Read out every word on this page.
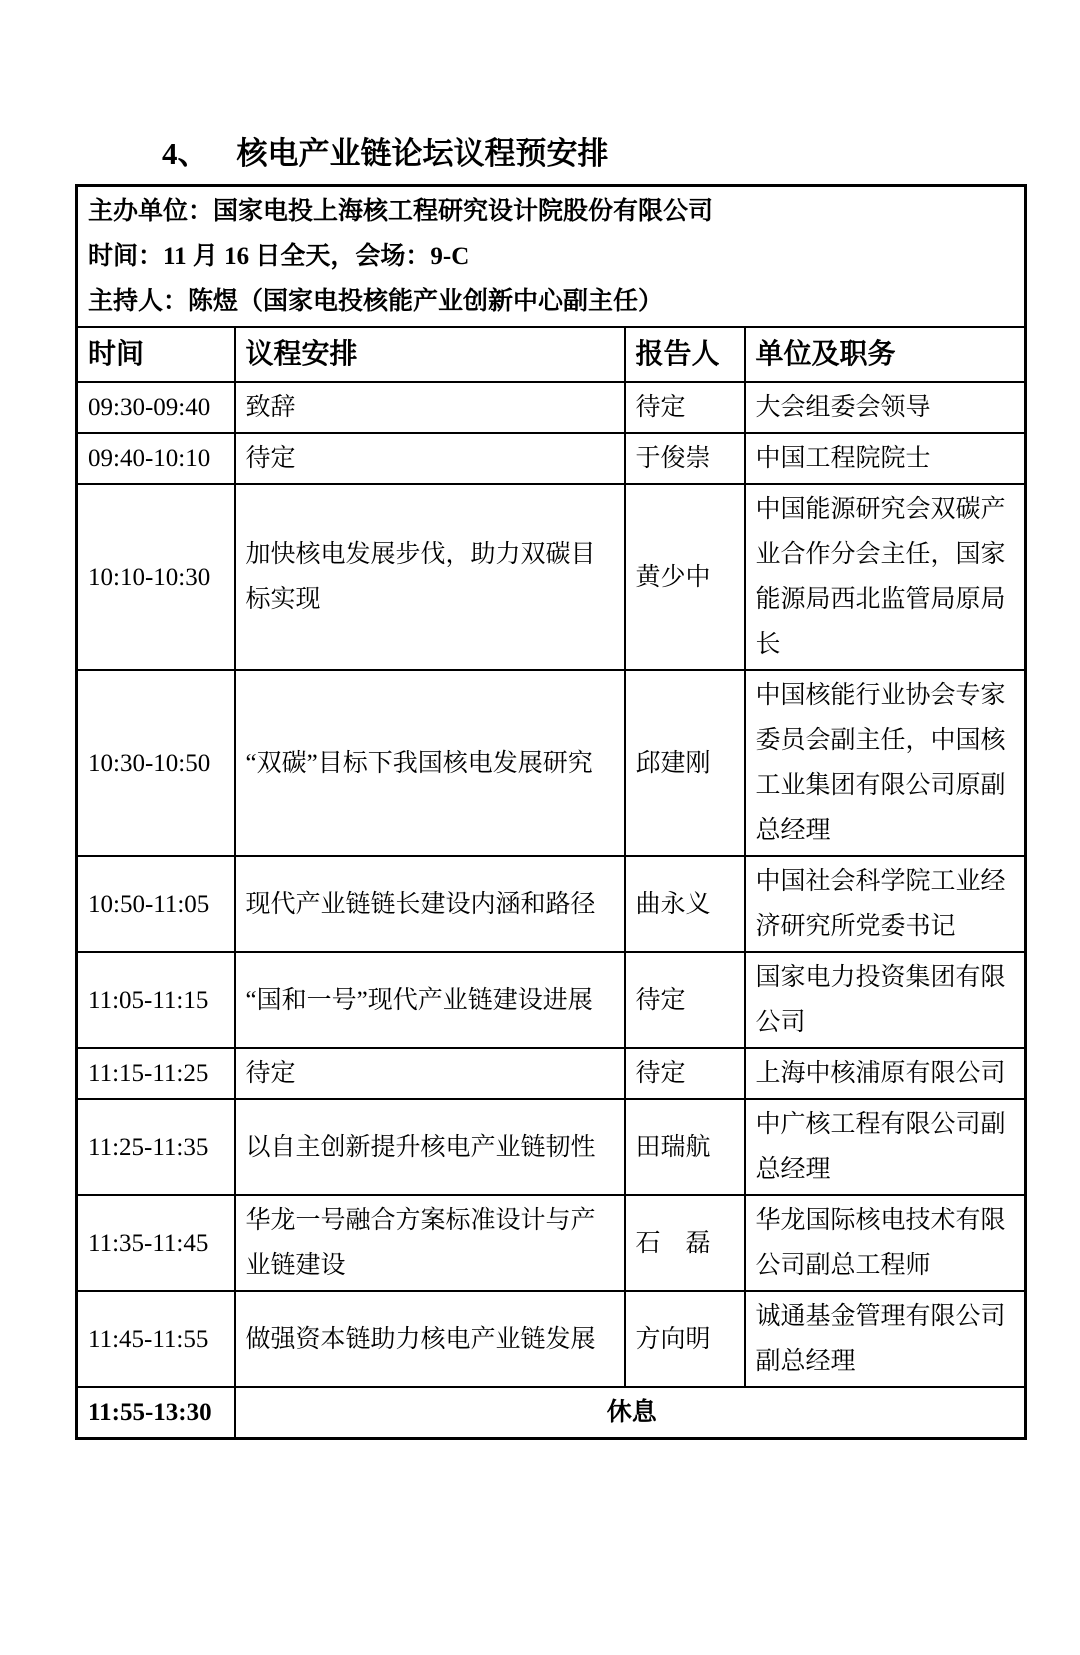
4、 核电产业链论坛议程预安排
主办单位：国家电投上海核工程研究设计院股份有限公司
时间：11 月 16 日全天，会场：9-C
主持人：陈煜（国家电投核能产业创新中心副主任）			

时间	议程安排	报告人	单位及职务
09:30-09:40	致辞	待定	大会组委会领导
09:40-10:10	待定	于俊崇	中国工程院院士
10:10-10:30	加快核电发展步伐，助力双碳目标实现	黄少中	中国能源研究会双碳产业合作分会主任，国家能源局西北监管局原局长
10:30-10:50	“双碳”目标下我国核电发展研究	邱建刚	中国核能行业协会专家委员会副主任，中国核工业集团有限公司原副总经理
10:50-11:05	现代产业链链长建设内涵和路径	曲永义	中国社会科学院工业经济研究所党委书记
11:05-11:15	“国和一号”现代产业链建设进展	待定	国家电力投资集团有限公司
11:15-11:25	待定	待定	上海中核浦原有限公司
11:25-11:35	以自主创新提升核电产业链韧性	田瑞航	中广核工程有限公司副总经理
11:35-11:45	华龙一号融合方案标准设计与产业链建设	石　磊	华龙国际核电技术有限公司副总工程师
11:45-11:55	做强资本链助力核电产业链发展	方向明	诚通基金管理有限公司副总经理
11:55-13:30	休息		
